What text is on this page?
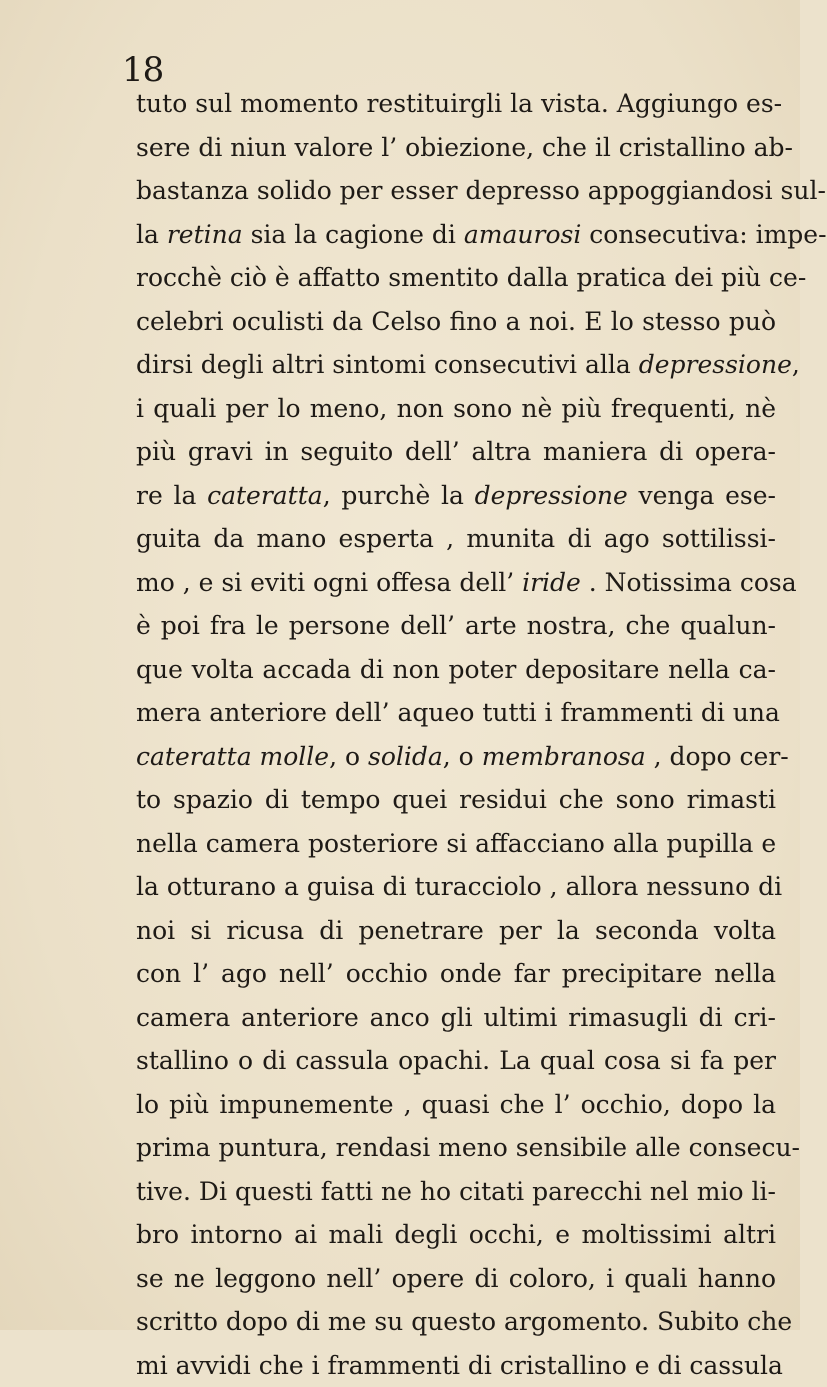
18
tuto sul momento restituirgli la vista. Aggiungo es-
sere di niun valore l’ obiezione, che il cristallino ab-
bastanza solido per esser depresso appoggiandosi sul-
la retina sia la cagione di amaurosi consecutiva: impe-
rocchè ciò è affatto smentito dalla pratica dei più ce-
celebri oculisti da Celso fino a noi. E lo stesso può
dirsi degli altri sintomi consecutivi alla depressione,
i quali per lo meno, non sono nè più frequenti, nè
più gravi in seguito dell’ altra maniera di opera-
re la cateratta, purchè la depressione venga ese-
guita da mano esperta , munita di ago sottilissi-
mo , e si eviti ogni offesa dell’ iride . Notissima cosa
è poi fra le persone dell’ arte nostra, che qualun-
que volta accada di non poter depositare nella ca-
mera anteriore dell’ aqueo tutti i frammenti di una
cateratta molle, o solida, o membranosa , dopo cer-
to spazio di tempo quei residui che sono rimasti
nella camera posteriore si affacciano alla pupilla e
la otturano a guisa di turacciolo , allora nessuno di
noi si ricusa di penetrare per la seconda volta
con l’ ago nell’ occhio onde far precipitare nella
camera anteriore anco gli ultimi rimasugli di cri-
stallino o di cassula opachi. La qual cosa si fa per
lo più impunemente , quasi che l’ occhio, dopo la
prima puntura, rendasi meno sensibile alle consecu-
tive. Di questi fatti ne ho citati parecchi nel mio li-
bro intorno ai mali degli occhi, e moltissimi altri
se ne leggono nell’ opere di coloro, i quali hanno
scritto dopo di me su questo argomento. Subito che
mi avvidi che i frammenti di cristallino e di cassula
